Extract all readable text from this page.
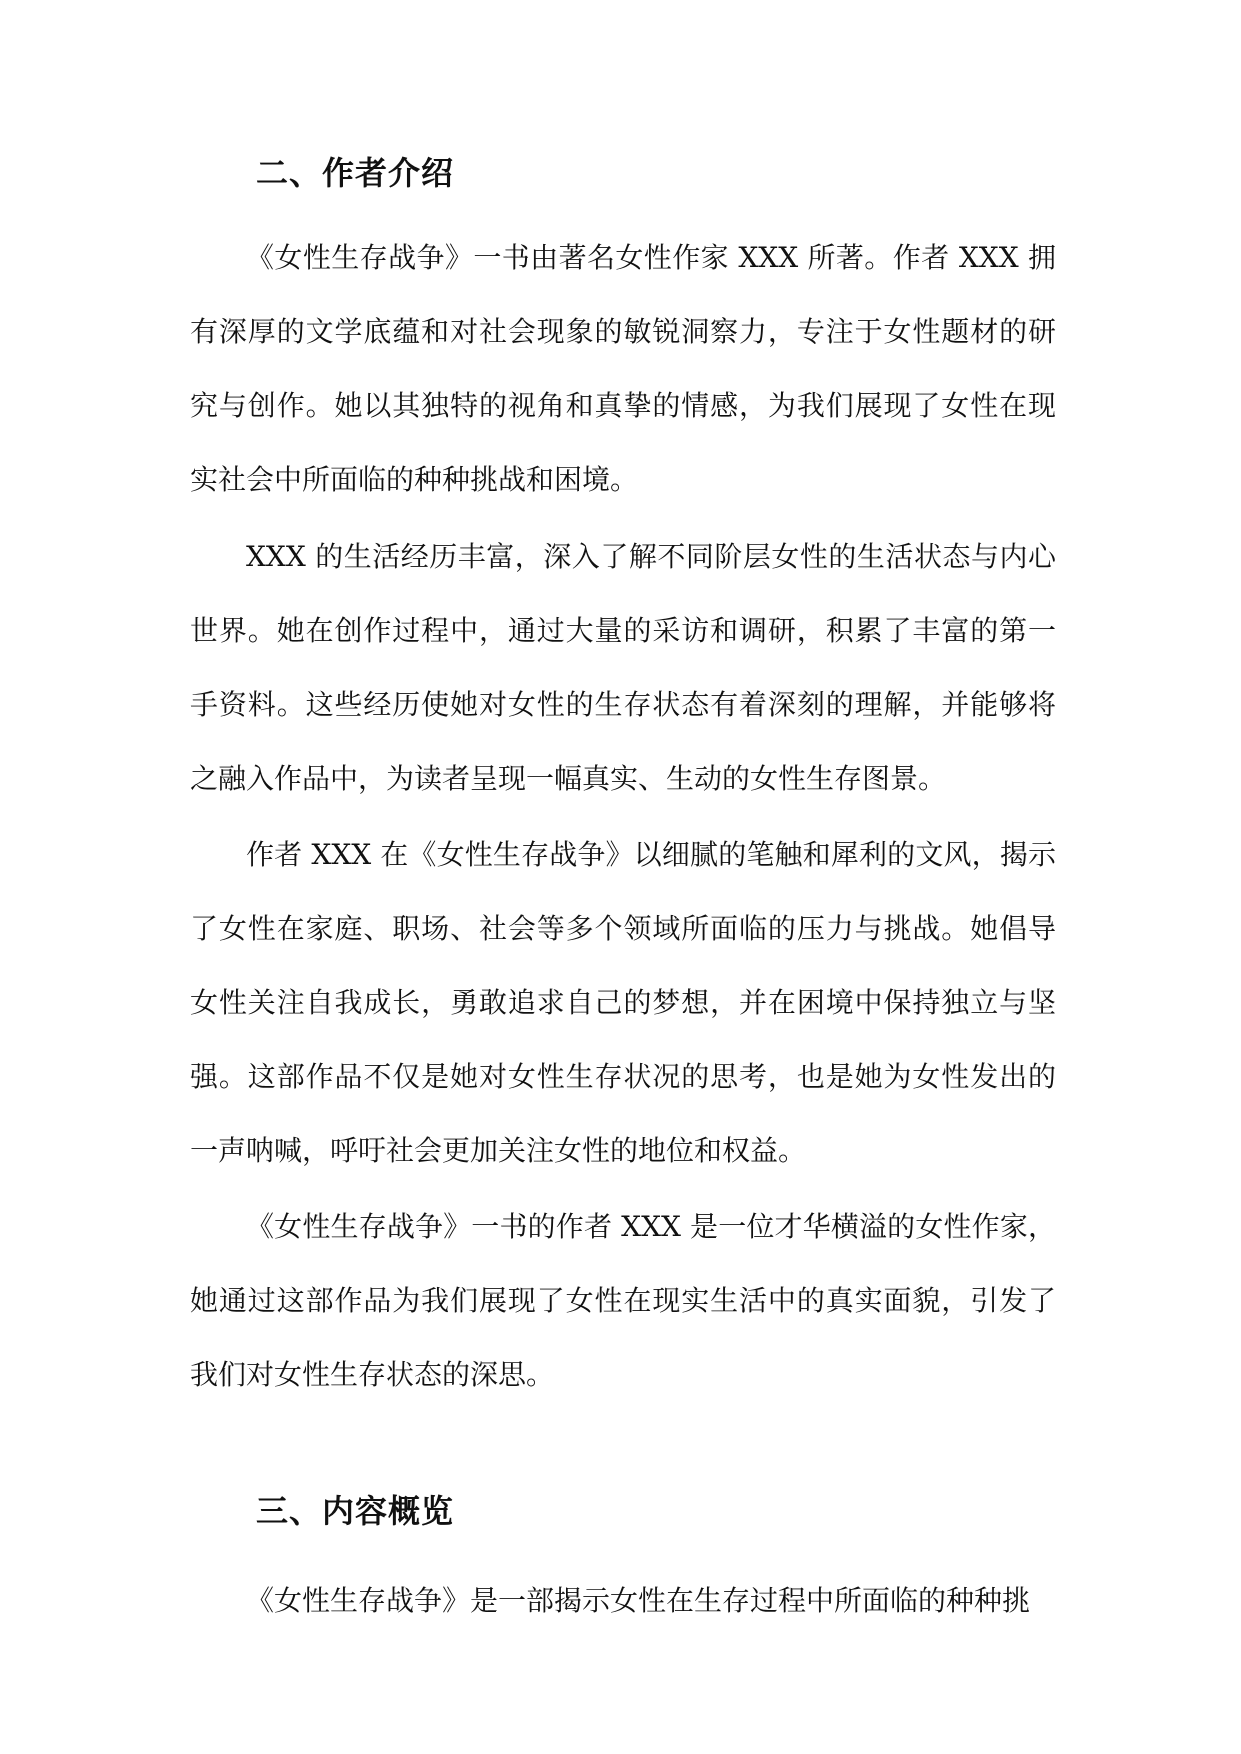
二、作者介绍

《女性生存战争》一书由著名女性作家 XXX 所著。作者 XXX 拥有深厚的文学底蕴和对社会现象的敏锐洞察力，专注于女性题材的研究与创作。她以其独特的视角和真挚的情感，为我们展现了女性在现实社会中所面临的种种挑战和困境。

XXX 的生活经历丰富，深入了解不同阶层女性的生活状态与内心世界。她在创作过程中，通过大量的采访和调研，积累了丰富的第一手资料。这些经历使她对女性的生存状态有着深刻的理解，并能够将之融入作品中，为读者呈现一幅真实、生动的女性生存图景。

作者 XXX 在《女性生存战争》以细腻的笔触和犀利的文风，揭示了女性在家庭、职场、社会等多个领域所面临的压力与挑战。她倡导女性关注自我成长，勇敢追求自己的梦想，并在困境中保持独立与坚强。这部作品不仅是她对女性生存状况的思考，也是她为女性发出的一声呐喊，呼吁社会更加关注女性的地位和权益。

《女性生存战争》一书的作者 XXX 是一位才华横溢的女性作家，她通过这部作品为我们展现了女性在现实生活中的真实面貌，引发了我们对女性生存状态的深思。

三、内容概览

《女性生存战争》是一部揭示女性在生存过程中所面临的种种挑
